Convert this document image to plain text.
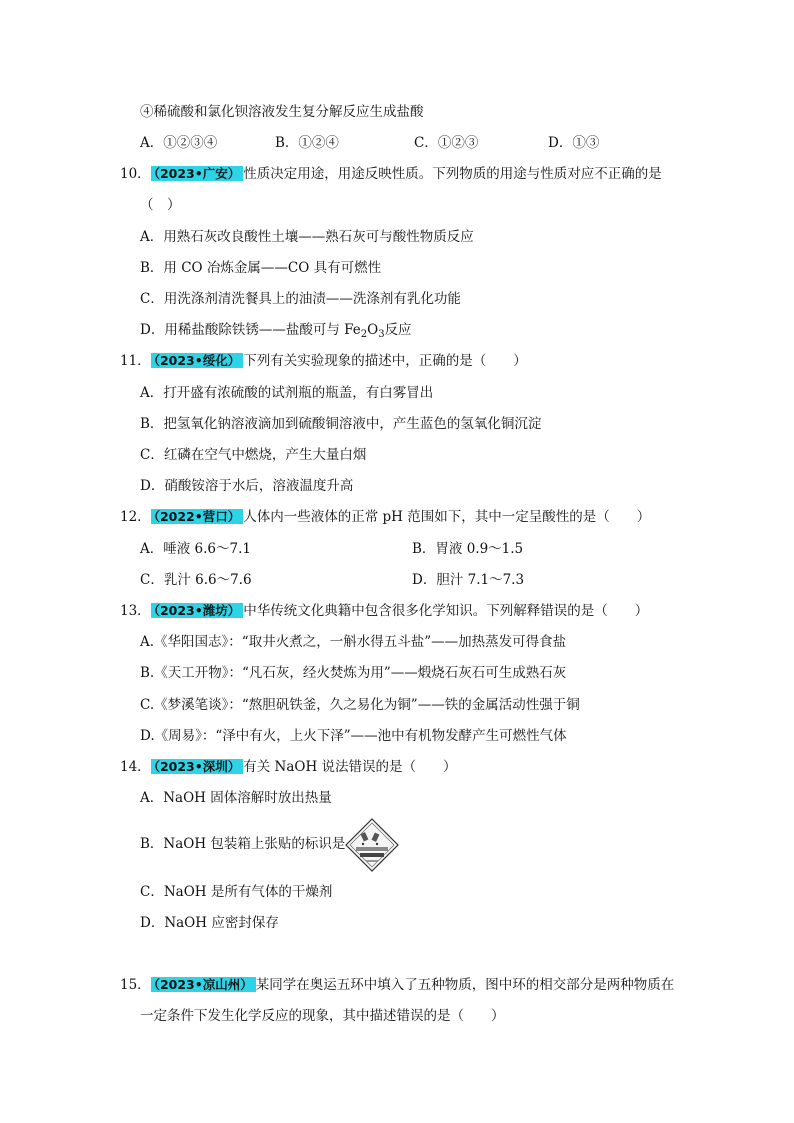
④稀硫酸和氯化钡溶液发生复分解反应生成盐酸
A．①②③④	B．①②④	C．①②③	D．①③
10． （2023•广安） 性质决定用途，用途反映性质。下列物质的用途与性质对应不正确的是
（　）
A．用熟石灰改良酸性土壤——熟石灰可与酸性物质反应
B．用 CO 冶炼金属——CO 具有可燃性
C．用洗涤剂清洗餐具上的油渍——洗涤剂有乳化功能
D．用稀盐酸除铁锈——盐酸可与 $Fe_2O_3$反应
11． （2023•绥化） 下列有关实验现象的描述中，正确的是（　　）
A．打开盛有浓硫酸的试剂瓶的瓶盖，有白雾冒出
B．把氢氧化钠溶液滴加到硫酸铜溶液中，产生蓝色的氢氧化铜沉淀
C．红磷在空气中燃烧，产生大量白烟
D．硝酸铵溶于水后，溶液温度升高
12． （2022•营口） 人体内一些液体的正常 pH 范围如下，其中一定呈酸性的是（　　）
A．唾液 6.6～7.1	B．胃液 0.9～1.5
C．乳汁 6.6～7.6	D．胆汁 7.1～7.3
13． （2023•潍坊） 中华传统文化典籍中包含很多化学知识。下列解释错误的是（　　）
A.《华阳国志》：“取井火煮之，一斛水得五斗盐”——加热蒸发可得食盐
B.《天工开物》：“凡石灰，经火焚炼为用”——煅烧石灰石可生成熟石灰
C.《梦溪笔谈》：“熬胆矾铁釜，久之易化为铜”——铁的金属活动性强于铜
D.《周易》：“泽中有火，上火下泽”——池中有机物发酵产生可燃性气体
14． （2023•深圳） 有关 NaOH 说法错误的是（　　）
A．NaOH 固体溶解时放出热量
B．NaOH 包装箱上张贴的标识是
C．NaOH 是所有气体的干燥剂
D．NaOH 应密封保存
15． （2023•凉山州） 某同学在奥运五环中填入了五种物质，图中环的相交部分是两种物质在
一定条件下发生化学反应的现象，其中描述错误的是（　　）
